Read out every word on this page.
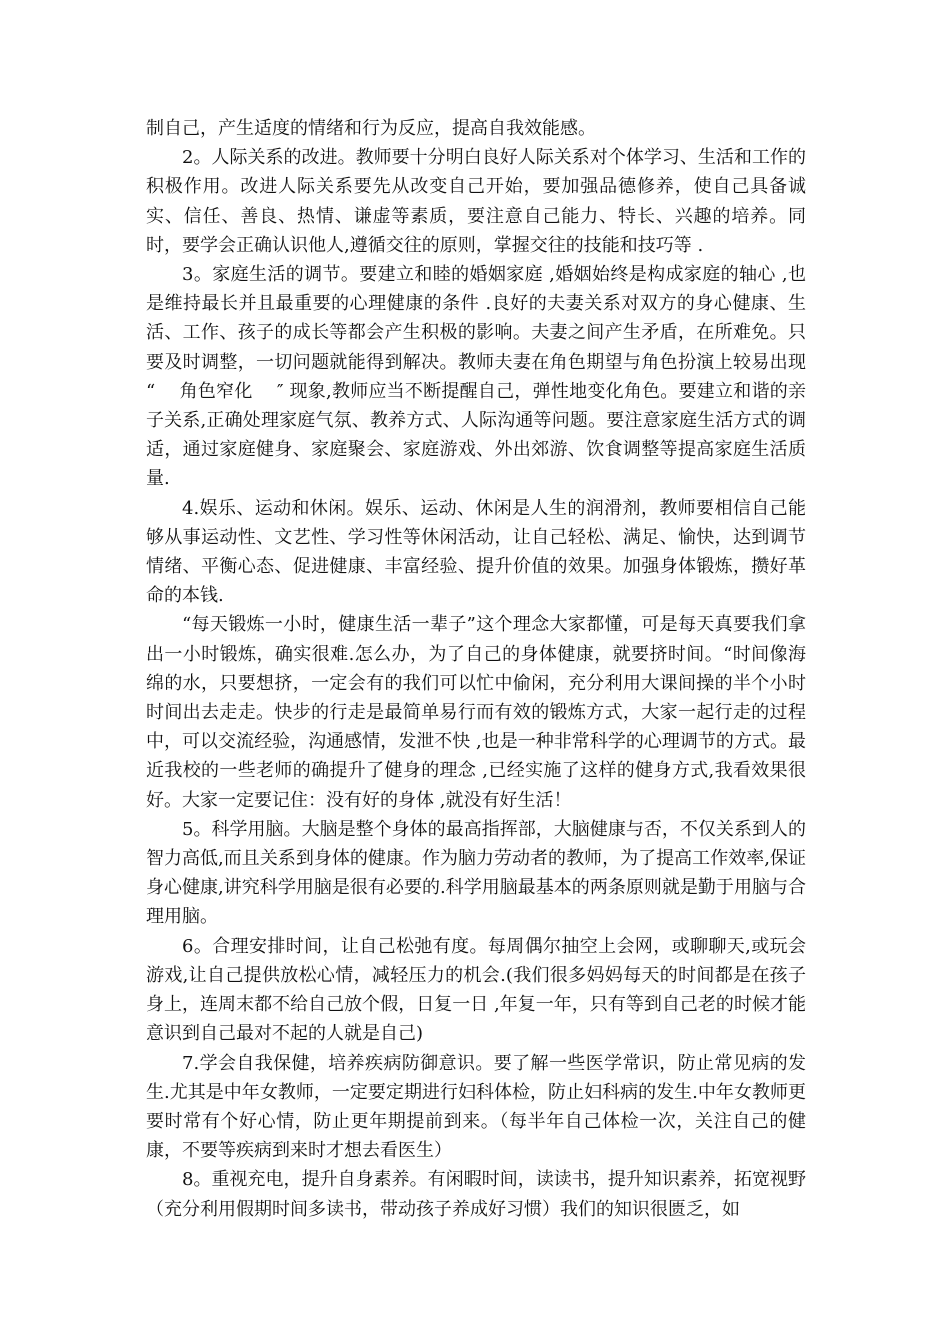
制自己，产生适度的情绪和行为反应，提高自我效能感。

2。人际关系的改进。教师要十分明白良好人际关系对个体学习、生活和工作的积极作用。改进人际关系要先从改变自己开始，要加强品德修养，使自己具备诚实、信任、善良、热情、谦虚等素质，要注意自己能力、特长、兴趣的培养。同时，要学会正确认识他人,遵循交往的原则，掌握交往的技能和技巧等 .

3。家庭生活的调节。要建立和睦的婚姻家庭 ,婚姻始终是构成家庭的轴心 ,也是维持最长并且最重要的心理健康的条件 .良好的夫妻关系对双方的身心健康、生活、工作、孩子的成长等都会产生积极的影响。夫妻之间产生矛盾，在所难免。只要及时调整，一切问题就能得到解决。教师夫妻在角色期望与角色扮演上较易出现 “　 角色窄化　 ″ 现象,教师应当不断提醒自己，弹性地变化角色。要建立和谐的亲子关系,正确处理家庭气氛、教养方式、人际沟通等问题。要注意家庭生活方式的调适，通过家庭健身、家庭聚会、家庭游戏、外出郊游、饮食调整等提高家庭生活质量.

4.娱乐、运动和休闲。娱乐、运动、休闲是人生的润滑剂，教师要相信自己能够从事运动性、文艺性、学习性等休闲活动，让自己轻松、满足、愉快，达到调节情绪、平衡心态、促进健康、丰富经验、提升价值的效果。加强身体锻炼，攒好革命的本钱.

“每天锻炼一小时，健康生活一辈子”这个理念大家都懂，可是每天真要我们拿出一小时锻炼，确实很难.怎么办，为了自己的身体健康，就要挤时间。“时间像海绵的水，只要想挤，一定会有的我们可以忙中偷闲，充分利用大课间操的半个小时时间出去走走。快步的行走是最简单易行而有效的锻炼方式，大家一起行走的过程中，可以交流经验，沟通感情，发泄不快 ,也是一种非常科学的心理调节的方式。最近我校的一些老师的确提升了健身的理念 ,已经实施了这样的健身方式,我看效果很好。大家一定要记住：没有好的身体 ,就没有好生活！

5。科学用脑。大脑是整个身体的最高指挥部，大脑健康与否，不仅关系到人的智力高低,而且关系到身体的健康。作为脑力劳动者的教师，为了提高工作效率,保证身心健康,讲究科学用脑是很有必要的.科学用脑最基本的两条原则就是勤于用脑与合理用脑。

6。合理安排时间，让自己松弛有度。每周偶尔抽空上会网，或聊聊天,或玩会游戏,让自己提供放松心情，减轻压力的机会.(我们很多妈妈每天的时间都是在孩子身上，连周末都不给自己放个假，日复一日 ,年复一年，只有等到自己老的时候才能意识到自己最对不起的人就是自己)

7.学会自我保健，培养疾病防御意识。要了解一些医学常识，防止常见病的发生.尤其是中年女教师，一定要定期进行妇科体检，防止妇科病的发生.中年女教师更要时常有个好心情，防止更年期提前到来。（每半年自己体检一次，关注自己的健康，不要等疾病到来时才想去看医生）

8。重视充电，提升自身素养。有闲暇时间，读读书，提升知识素养，拓宽视野（充分利用假期时间多读书，带动孩子养成好习惯）我们的知识很匮乏，如
